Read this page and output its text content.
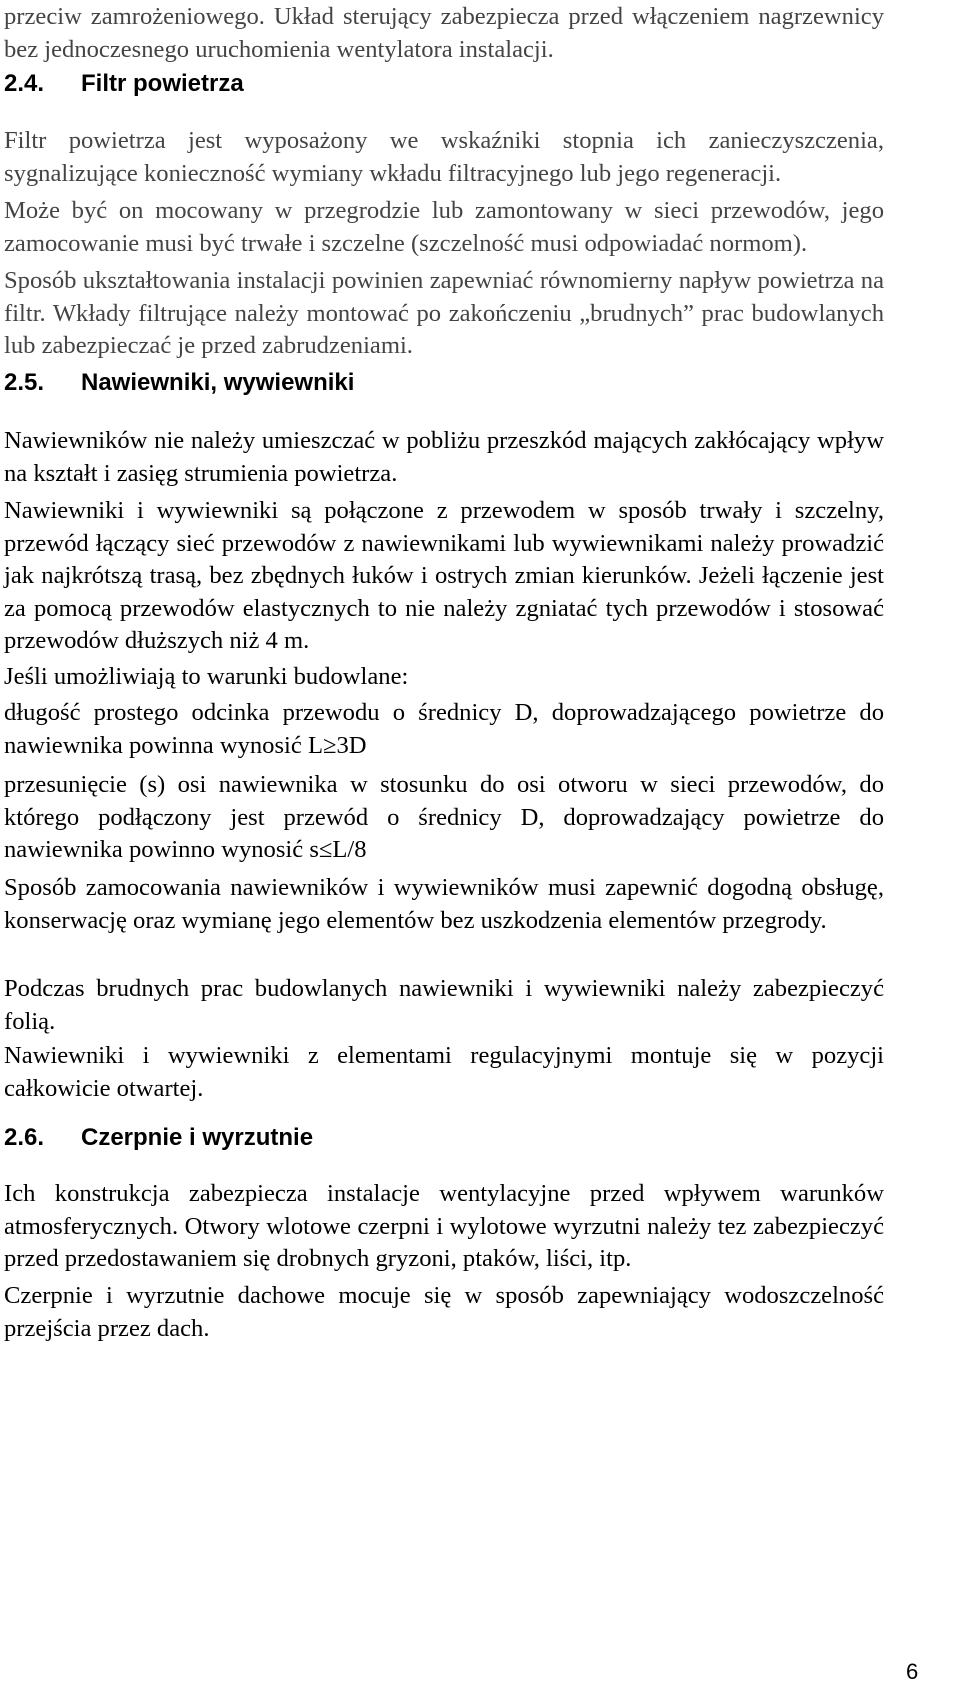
przeciw zamrożeniowego. Układ sterujący zabezpiecza przed włączeniem nagrzewnicy bez jednoczesnego uruchomienia wentylatora instalacji.

2.4.	Filtr powietrza

Filtr powietrza jest wyposażony we wskaźniki stopnia ich zanieczyszczenia, sygnalizujące konieczność wymiany wkładu filtracyjnego lub jego regeneracji.

Może być on mocowany w przegrodzie lub zamontowany w sieci przewodów, jego zamocowanie musi być trwałe i szczelne (szczelność musi odpowiadać normom).

Sposób ukształtowania instalacji powinien zapewniać równomierny napływ powietrza na filtr. Wkłady filtrujące należy montować po zakończeniu „brudnych” prac budowlanych lub zabezpieczać je przed zabrudzeniami.

2.5.	Nawiewniki, wywiewniki

Nawiewników nie należy umieszczać w pobliżu przeszkód mających zakłócający wpływ na kształt i zasięg strumienia powietrza.

Nawiewniki i wywiewniki są połączone z przewodem w sposób trwały i szczelny, przewód łączący sieć przewodów z nawiewnikami lub wywiewnikami należy prowadzić jak najkrótszą trasą, bez zbędnych łuków i ostrych zmian kierunków. Jeżeli łączenie jest za pomocą przewodów elastycznych to nie należy zgniatać tych przewodów i stosować przewodów dłuższych niż 4 m.

Jeśli umożliwiają to warunki budowlane:

długość prostego odcinka przewodu o średnicy D, doprowadzającego powietrze do nawiewnika powinna wynosić L≥3D

przesunięcie (s) osi nawiewnika w stosunku do osi otworu w sieci przewodów, do którego podłączony jest przewód o średnicy D, doprowadzający powietrze do nawiewnika powinno wynosić s≤L/8

Sposób zamocowania nawiewników i wywiewników musi zapewnić dogodną obsługę, konserwację oraz wymianę jego elementów bez uszkodzenia elementów przegrody.

Podczas brudnych prac budowlanych nawiewniki i wywiewniki należy zabezpieczyć folią.

Nawiewniki i wywiewniki z elementami regulacyjnymi montuje się w pozycji całkowicie otwartej.

2.6.	Czerpnie i wyrzutnie

Ich konstrukcja zabezpiecza instalacje wentylacyjne przed wpływem warunków atmosferycznych. Otwory wlotowe czerpni i wylotowe wyrzutni należy tez zabezpieczyć przed przedostawaniem się drobnych gryzoni, ptaków, liści, itp.

Czerpnie i wyrzutnie dachowe mocuje się w sposób zapewniający wodoszczelność przejścia przez dach.

6
